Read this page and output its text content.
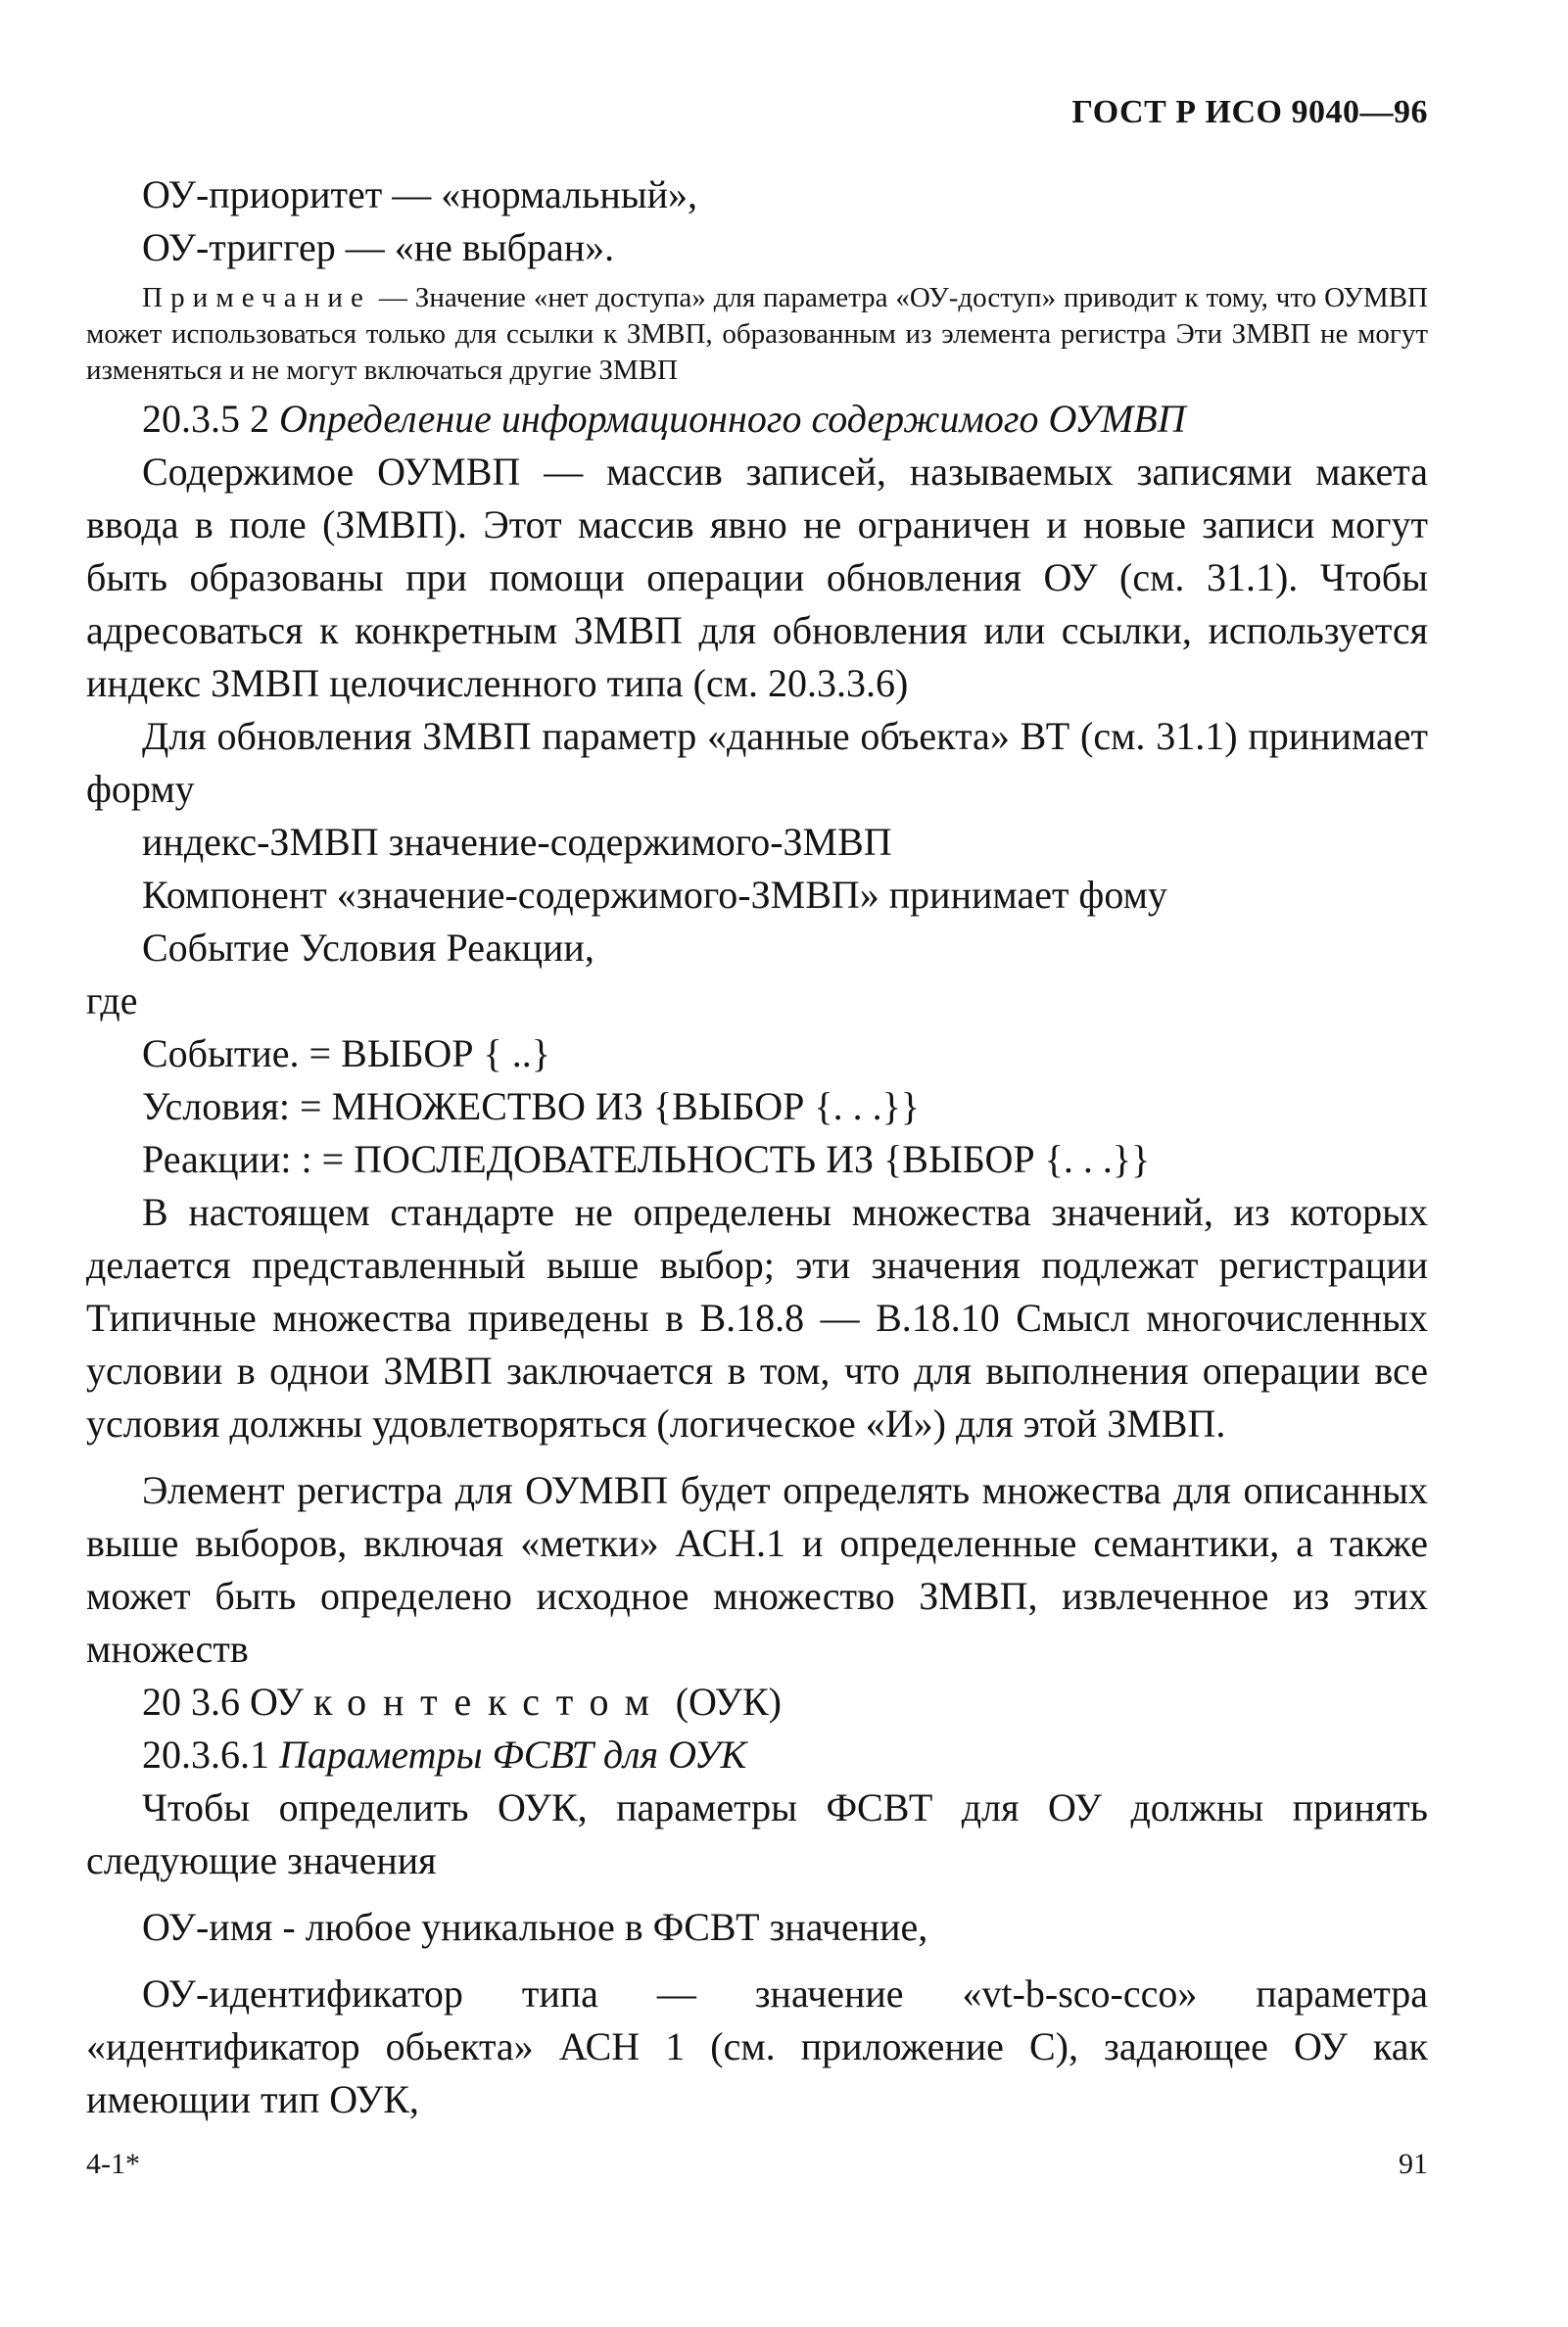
ГОСТ Р ИСО 9040—96

ОУ-приоритет — «нормальный»,

ОУ-триггер — «не выбран».

Примечание — Значение «нет доступа» для параметра «ОУ-доступ» приводит к тому, что ОУМВП может использоваться только для ссылки к ЗМВП, образованным из элемента регистра Эти ЗМВП не могут изменяться и не могут включаться другие ЗМВП

20.3.5 2 Определение информационного содержимого ОУМВП

Содержимое ОУМВП — массив записей, называемых записями макета ввода в поле (ЗМВП). Этот массив явно не ограничен и новые записи могут быть образованы при помощи операции обновления ОУ (см. 31.1). Чтобы адресоваться к конкретным ЗМВП для обновления или ссылки, используется индекс ЗМВП целочисленного типа (см. 20.3.3.6)

Для обновления ЗМВП параметр «данные объекта» ВТ (см. 31.1) принимает форму

индекс-ЗМВП значение-содержимого-ЗМВП

Компонент «значение-содержимого-ЗМВП» принимает фому

Событие Условия Реакции,

где

Событие. = ВЫБОР { ..}

Условия: = МНОЖЕСТВО ИЗ {ВЫБОР {. . .}}

Реакции: : = ПОСЛЕДОВАТЕЛЬНОСТЬ ИЗ {ВЫБОР {. . .}}

В настоящем стандарте не определены множества значений, из которых делается представленный выше выбор; эти значения подлежат регистрации Типичные множества приведены в В.18.8 — В.18.10 Смысл многочисленных условии в однои ЗМВП заключается в том, что для выполнения операции все условия должны удовлетворяться (логическое «И») для этой ЗМВП.

Элемент регистра для ОУМВП будет определять множества для описанных выше выборов, включая «метки» АСН.1 и определенные семантики, а также может быть определено исходное множество ЗМВП, извлеченное из этих множеств

20 3.6 ОУ контекстом (ОУК)

20.3.6.1 Параметры ФСВТ для ОУК

Чтобы определить ОУК, параметры ФСВТ для ОУ должны принять следующие значения

ОУ-имя - любое уникальное в ФСВТ значение,

ОУ-идентификатор типа — значение «vt-b-sco-cco» параметра «идентификатор обьекта» АСН 1 (см. приложение С), задающее ОУ как имеющии тип ОУК,

4-1*	91
